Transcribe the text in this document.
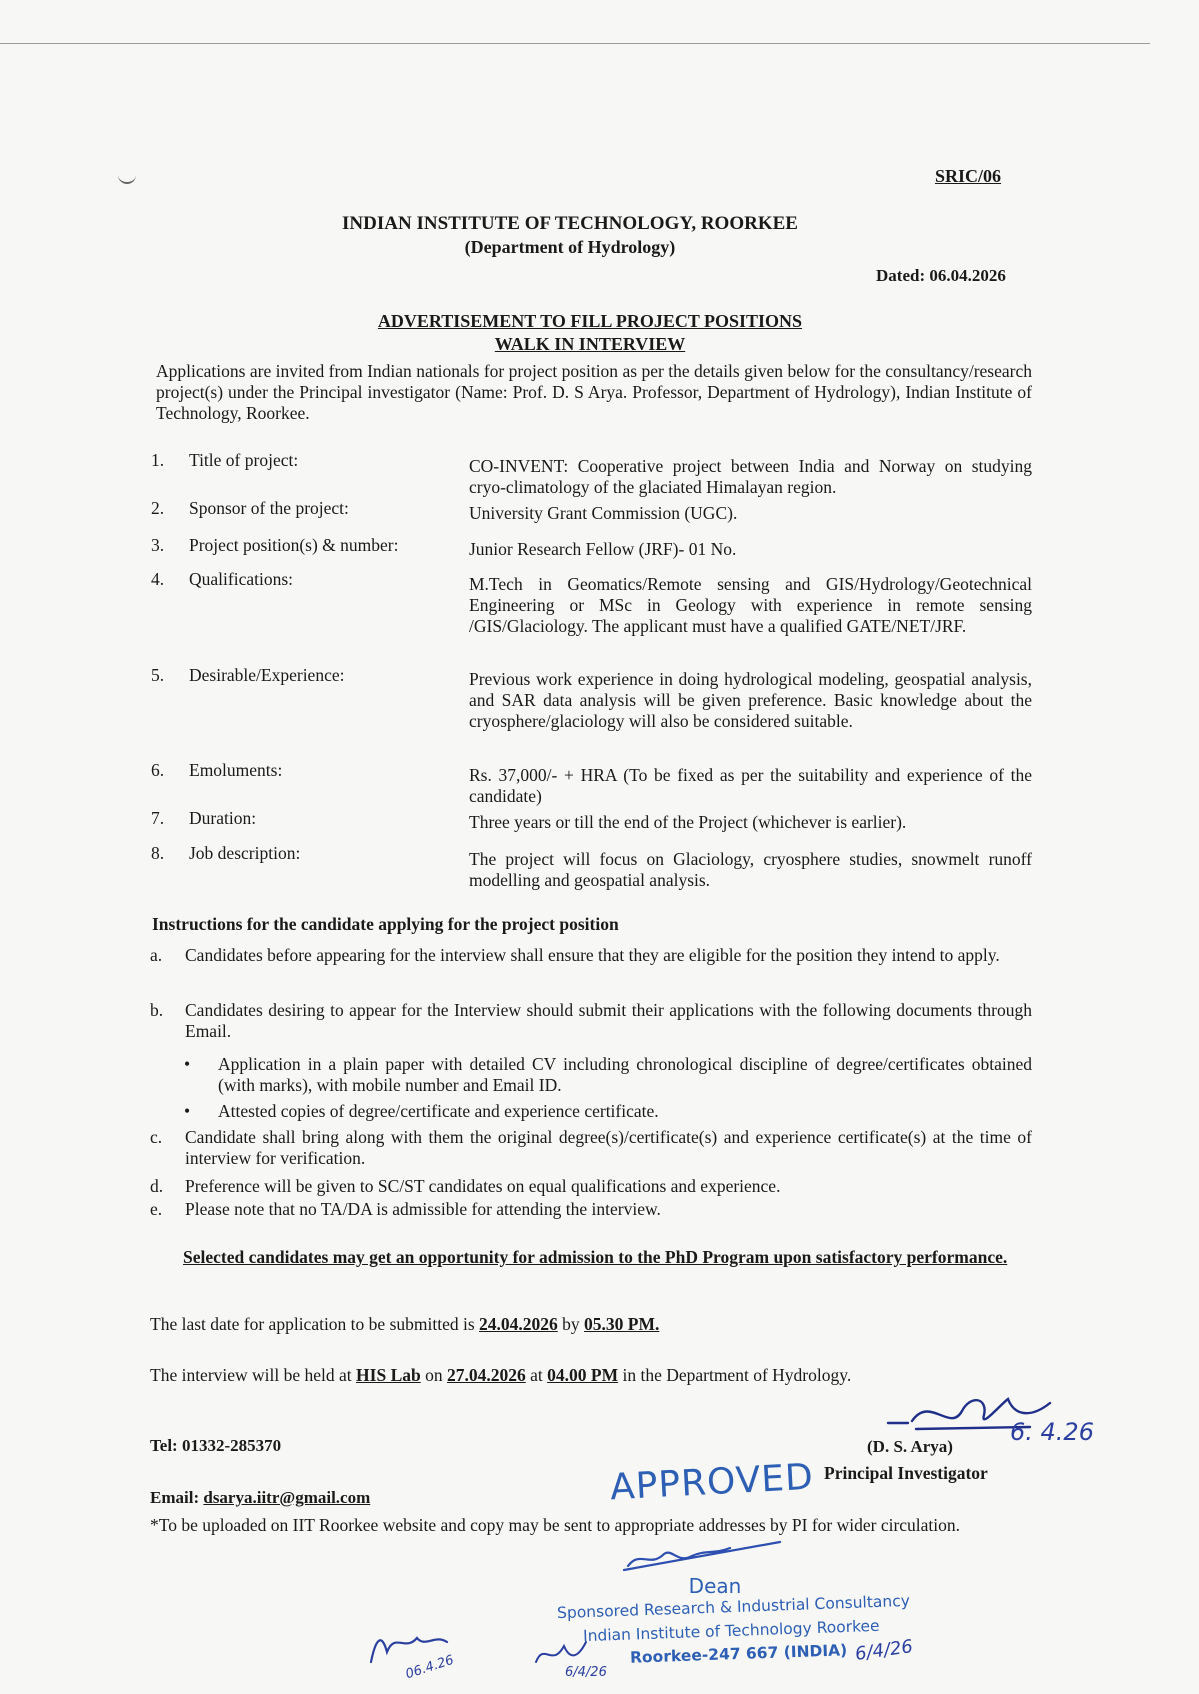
SRIC/06
INDIAN INSTITUTE OF TECHNOLOGY, ROORKEE
(Department of Hydrology)
Dated: 06.04.2026
ADVERTISEMENT TO FILL PROJECT POSITIONS
WALK IN INTERVIEW
Applications are invited from Indian nationals for project position as per the details given below for the consultancy/research project(s) under the Principal investigator (Name: Prof. D. S Arya. Professor, Department of Hydrology), Indian Institute of Technology, Roorkee.
1. Title of project:	CO-INVENT: Cooperative project between India and Norway on studying cryo-climatology of the glaciated Himalayan region.
2. Sponsor of the project:	University Grant Commission (UGC).
3. Project position(s) & number:	Junior Research Fellow (JRF)- 01 No.
4. Qualifications:	M.Tech in Geomatics/Remote sensing and GIS/Hydrology/Geotechnical Engineering or MSc in Geology with experience in remote sensing /GIS/Glaciology. The applicant must have a qualified GATE/NET/JRF.
5. Desirable/Experience:	Previous work experience in doing hydrological modeling, geospatial analysis, and SAR data analysis will be given preference. Basic knowledge about the cryosphere/glaciology will also be considered suitable.
6. Emoluments:	Rs. 37,000/- + HRA (To be fixed as per the suitability and experience of the candidate)
7. Duration:	Three years or till the end of the Project (whichever is earlier).
8. Job description:	The project will focus on Glaciology, cryosphere studies, snowmelt runoff modelling and geospatial analysis.
Instructions for the candidate applying for the project position
a. Candidates before appearing for the interview shall ensure that they are eligible for the position they intend to apply.
b. Candidates desiring to appear for the Interview should submit their applications with the following documents through Email.
• Application in a plain paper with detailed CV including chronological discipline of degree/certificates obtained (with marks), with mobile number and Email ID.
• Attested copies of degree/certificate and experience certificate.
c. Candidate shall bring along with them the original degree(s)/certificate(s) and experience certificate(s) at the time of interview for verification.
d. Preference will be given to SC/ST candidates on equal qualifications and experience.
e. Please note that no TA/DA is admissible for attending the interview.
Selected candidates may get an opportunity for admission to the PhD Program upon satisfactory performance.
The last date for application to be submitted is 24.04.2026 by 05.30 PM.
The interview will be held at HIS Lab on 27.04.2026 at 04.00 PM in the Department of Hydrology.
6. 4.26
Tel: 01332-285370	(D. S. Arya)
Principal Investigator
APPROVED
Email: dsarya.iitr@gmail.com
*To be uploaded on IIT Roorkee website and copy may be sent to appropriate addresses by PI for wider circulation.
Dean
Sponsored Research & Industrial Consultancy
Indian Institute of Technology Roorkee
Roorkee-247 667 (INDIA)
06.4.26	6/4/26
6/4/26
